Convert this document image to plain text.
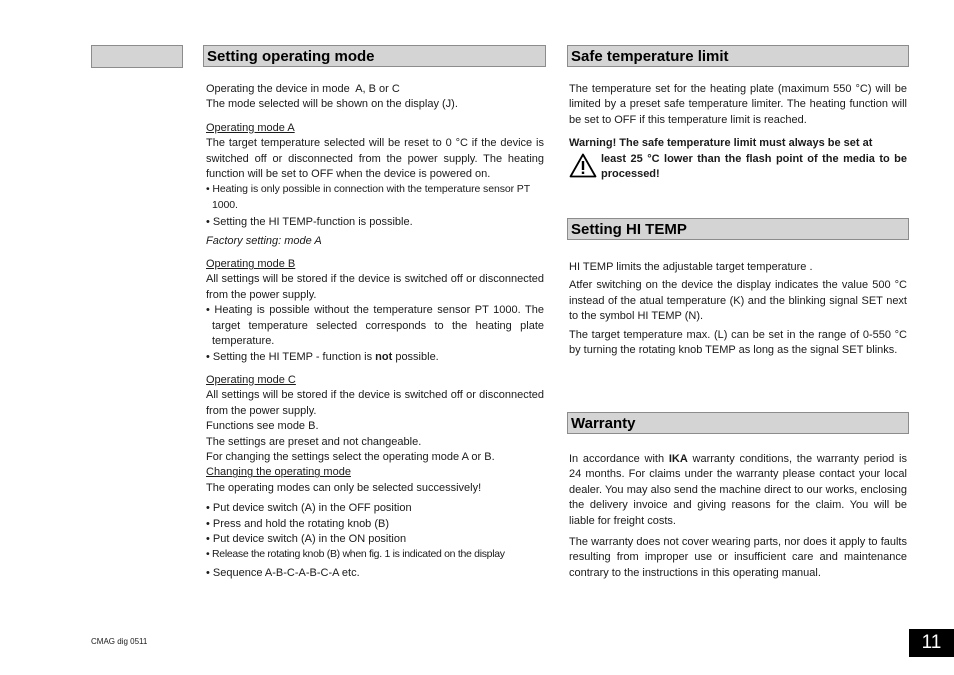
Setting operating mode
Operating the device in mode  A, B or C
The mode selected will be shown on the display (J).
Operating mode A
The target temperature selected will be reset to 0 °C if the device is switched off or disconnected from the power supply. The heating function will be set to OFF when the device is powered on.
• Heating is only possible in connection with the temperature sensor PT 1000.
• Setting the HI TEMP-function is possible.
Factory setting: mode A
Operating mode B
All settings will be stored if the device is switched off or disconnected from the power supply.
• Heating is possible without the temperature sensor PT 1000. The target temperature selected corresponds to the heating plate temperature.
• Setting the HI TEMP - function is not possible.
Operating mode C
All settings will be stored if the device is switched off or disconnected from the power supply.
Functions see mode B.
The settings are preset and not changeable.
For changing the settings select the operating mode A or B.
Changing the operating mode
The operating modes can only be selected successively!
• Put device switch (A) in the OFF position
• Press and hold the rotating knob (B)
• Put device switch (A) in the ON position
• Release the rotating knob (B) when fig. 1 is indicated on the display
• Sequence A-B-C-A-B-C-A etc.
Safe temperature limit
The temperature set for the heating plate (maximum 550 °C) will be limited by a preset safe temperature limiter. The heating function will be set to OFF if this temperature limit is reached.
Warning! The safe temperature limit must always be set at
least 25 °C lower than the flash point of the media to be processed!
Setting HI TEMP
HI TEMP limits the adjustable target temperature .
Atfer switching on the device the display indicates the value 500 °C instead of the atual temperature (K) and the blinking signal SET next to the symbol HI TEMP (N).
The target temperature max. (L) can be set in the range of 0-550 °C by turning the rotating knob TEMP as long as the signal SET blinks.
Warranty
In accordance with IKA warranty conditions, the warranty period is 24 months. For claims under the warranty please contact your local dealer. You may also send the machine direct to our works, enclosing the delivery invoice and giving reasons for the claim. You will be liable for freight costs.
The warranty does not cover wearing parts, nor does it apply to faults resulting from improper use or insufficient care and maintenance contrary to the instructions in this operating manual.
CMAG dig 0511	11
